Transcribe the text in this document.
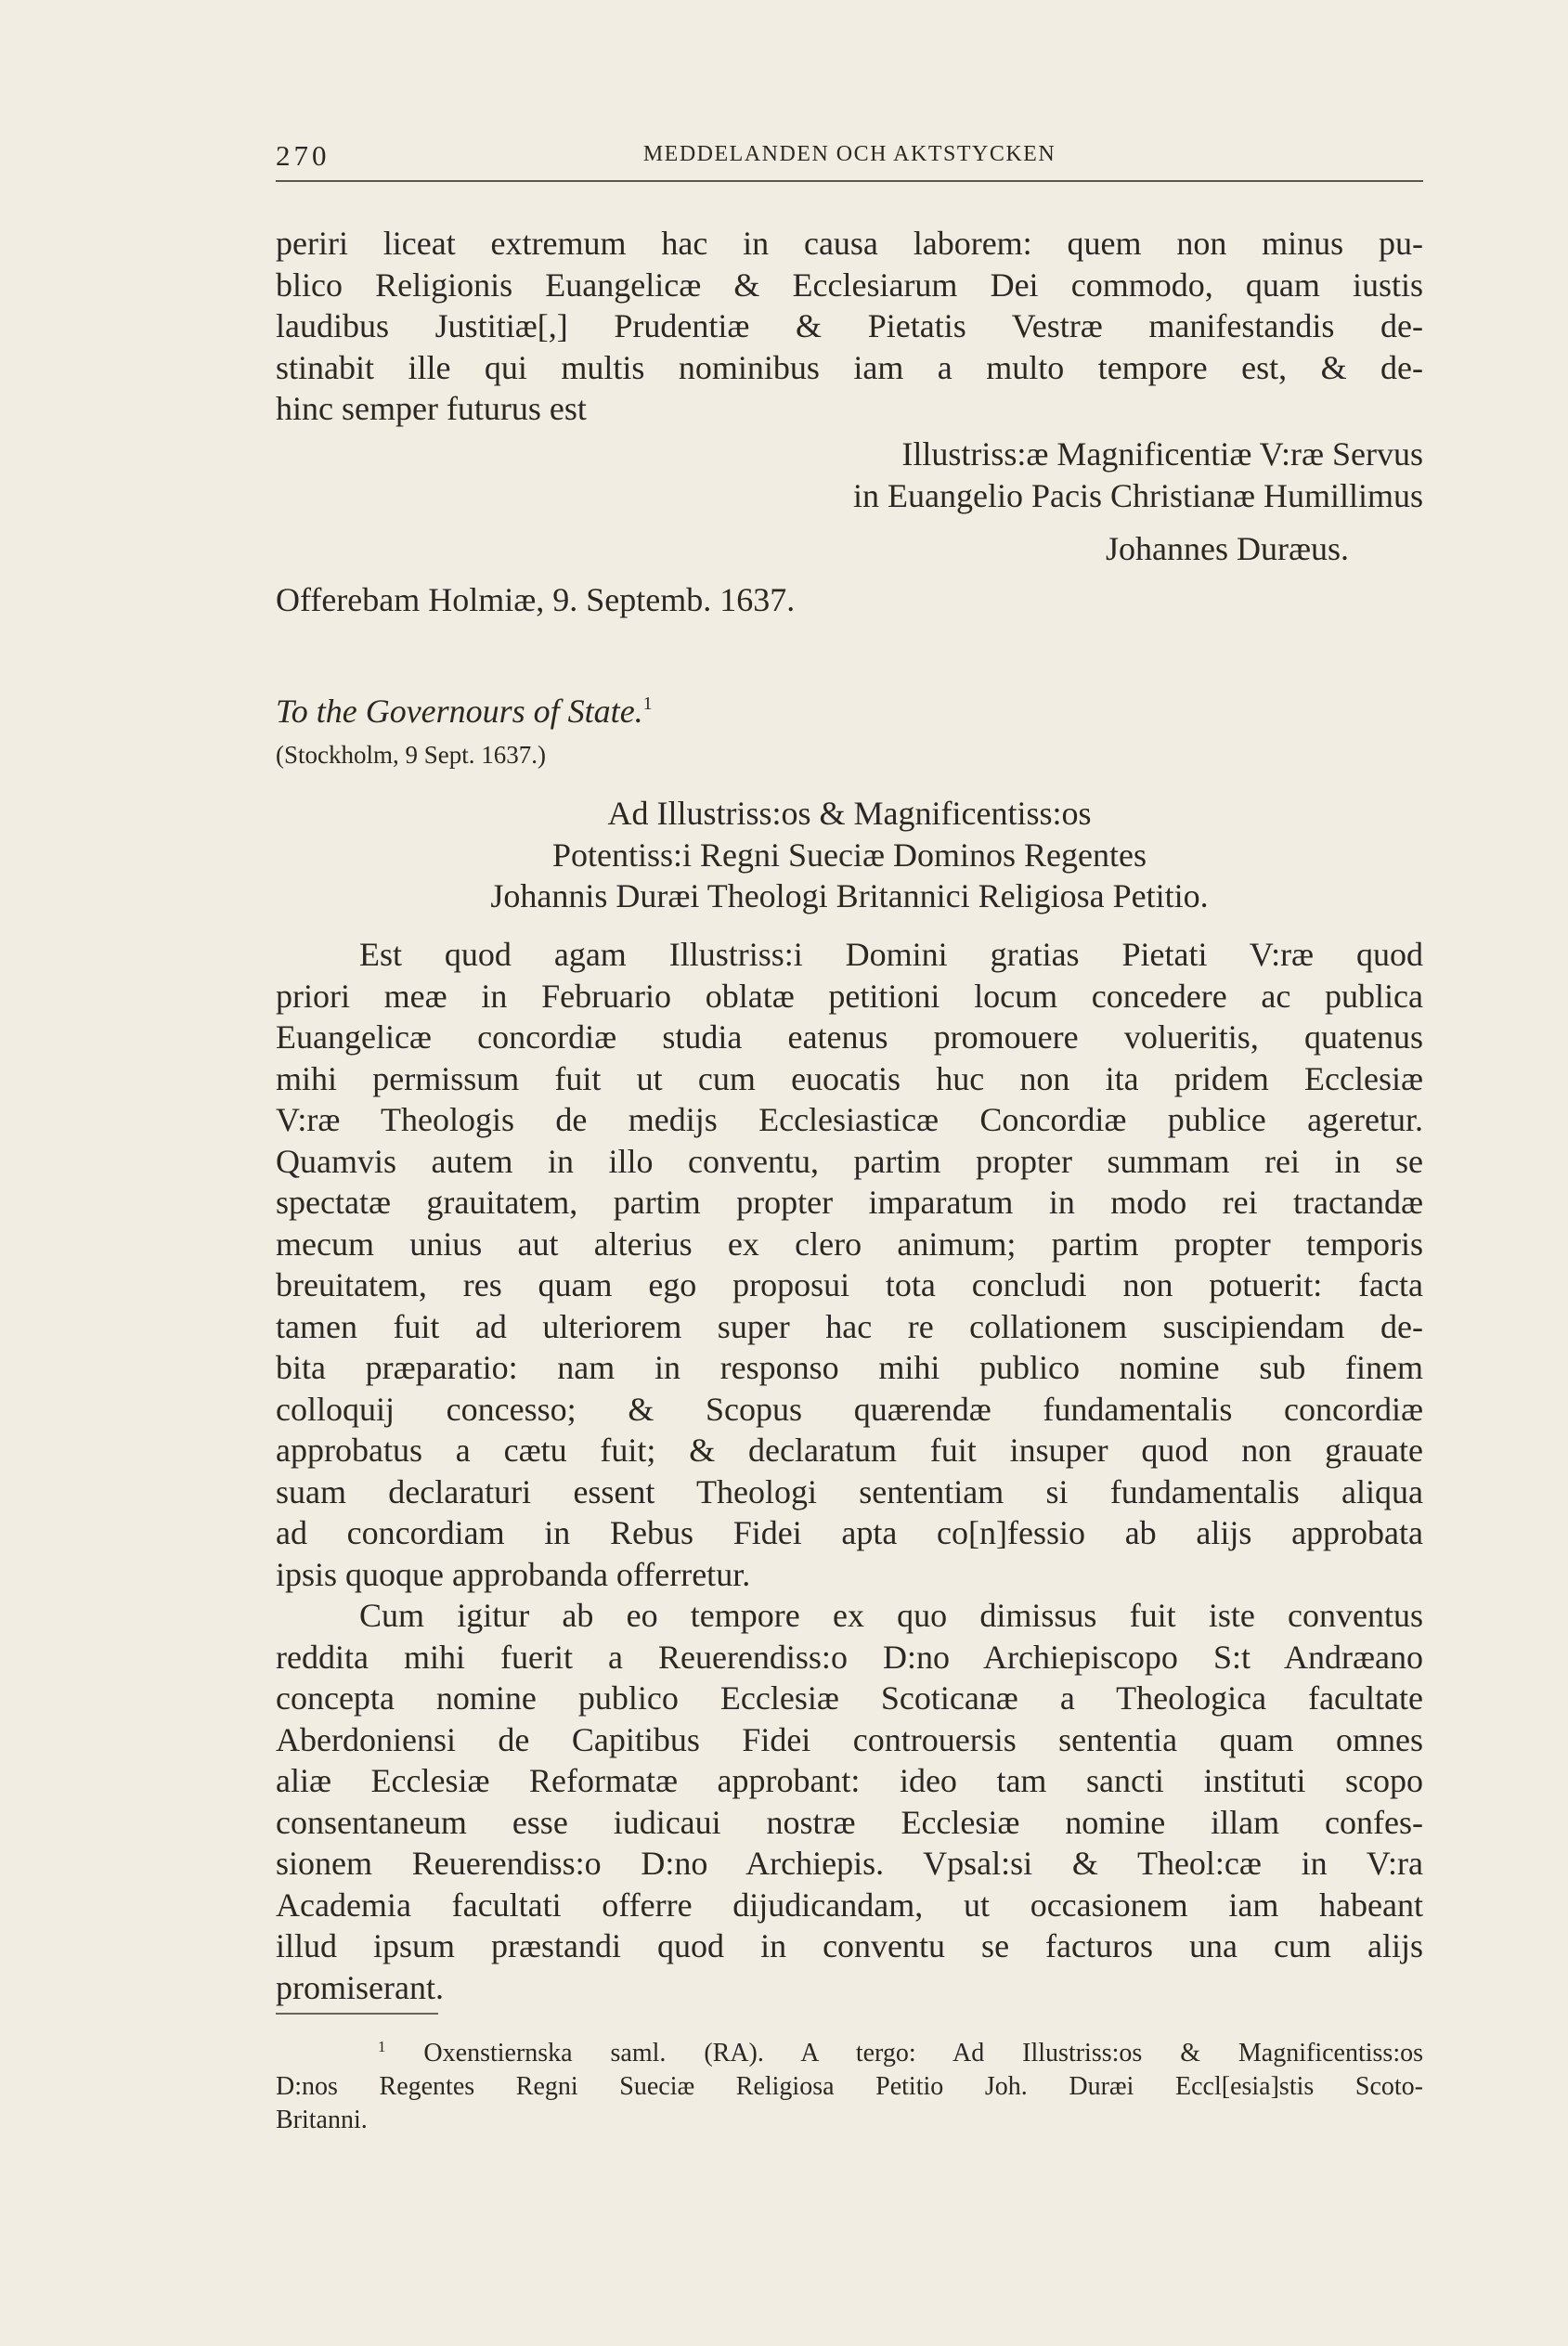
270	MEDDELANDEN OCH AKTSTYCKEN
periri liceat extremum hac in causa laborem: quem non minus pu-
blico Religionis Euangelicæ & Ecclesiarum Dei commodo, quam iustis
laudibus Justitiæ[,] Prudentiæ & Pietatis Vestræ manifestandis de-
stinabit ille qui multis nominibus iam a multo tempore est, & de-
hinc semper futurus est
Illustriss:æ Magnificentiæ V:ræ Servus
in Euangelio Pacis Christianæ Humillimus
Johannes Duræus.
Offerebam Holmiæ, 9. Septemb. 1637.
To the Governours of State.$^1$
(Stockholm, 9 Sept. 1637.)
Ad Illustriss:os & Magnificentiss:os
Potentiss:i Regni Sueciæ Dominos Regentes
Johannis Duræi Theologi Britannici Religiosa Petitio.
Est quod agam Illustriss:i Domini gratias Pietati V:ræ quod
priori meæ in Februario oblatæ petitioni locum concedere ac publica
Euangelicæ concordiæ studia eatenus promouere volueritis, quatenus
mihi permissum fuit ut cum euocatis huc non ita pridem Ecclesiæ
V:ræ Theologis de medijs Ecclesiasticæ Concordiæ publice ageretur.
Quamvis autem in illo conventu, partim propter summam rei in se
spectatæ grauitatem, partim propter imparatum in modo rei tractandæ
mecum unius aut alterius ex clero animum; partim propter temporis
breuitatem, res quam ego proposui tota concludi non potuerit: facta
tamen fuit ad ulteriorem super hac re collationem suscipiendam de-
bita præparatio: nam in responso mihi publico nomine sub finem
colloquij concesso; & Scopus quærendæ fundamentalis concordiæ
approbatus a cætu fuit; & declaratum fuit insuper quod non grauate
suam declaraturi essent Theologi sententiam si fundamentalis aliqua
ad concordiam in Rebus Fidei apta co[n]fessio ab alijs approbata
ipsis quoque approbanda offerretur.
Cum igitur ab eo tempore ex quo dimissus fuit iste conventus
reddita mihi fuerit a Reuerendiss:o D:no Archiepiscopo S:t Andræano
concepta nomine publico Ecclesiæ Scoticanæ a Theologica facultate
Aberdoniensi de Capitibus Fidei controuersis sententia quam omnes
aliæ Ecclesiæ Reformatæ approbant: ideo tam sancti instituti scopo
consentaneum esse iudicaui nostræ Ecclesiæ nomine illam confes-
sionem Reuerendiss:o D:no Archiepis. Vpsal:si & Theol:cæ in V:ra
Academia facultati offerre dijudicandam, ut occasionem iam habeant
illud ipsum præstandi quod in conventu se facturos una cum alijs
promiserant.
$^1$ Oxenstiernska saml. (RA). A tergo: Ad Illustriss:os & Magnificentiss:os
D:nos Regentes Regni Sueciæ Religiosa Petitio Joh. Duræi Eccl[esia]stis Scoto-
Britanni.
